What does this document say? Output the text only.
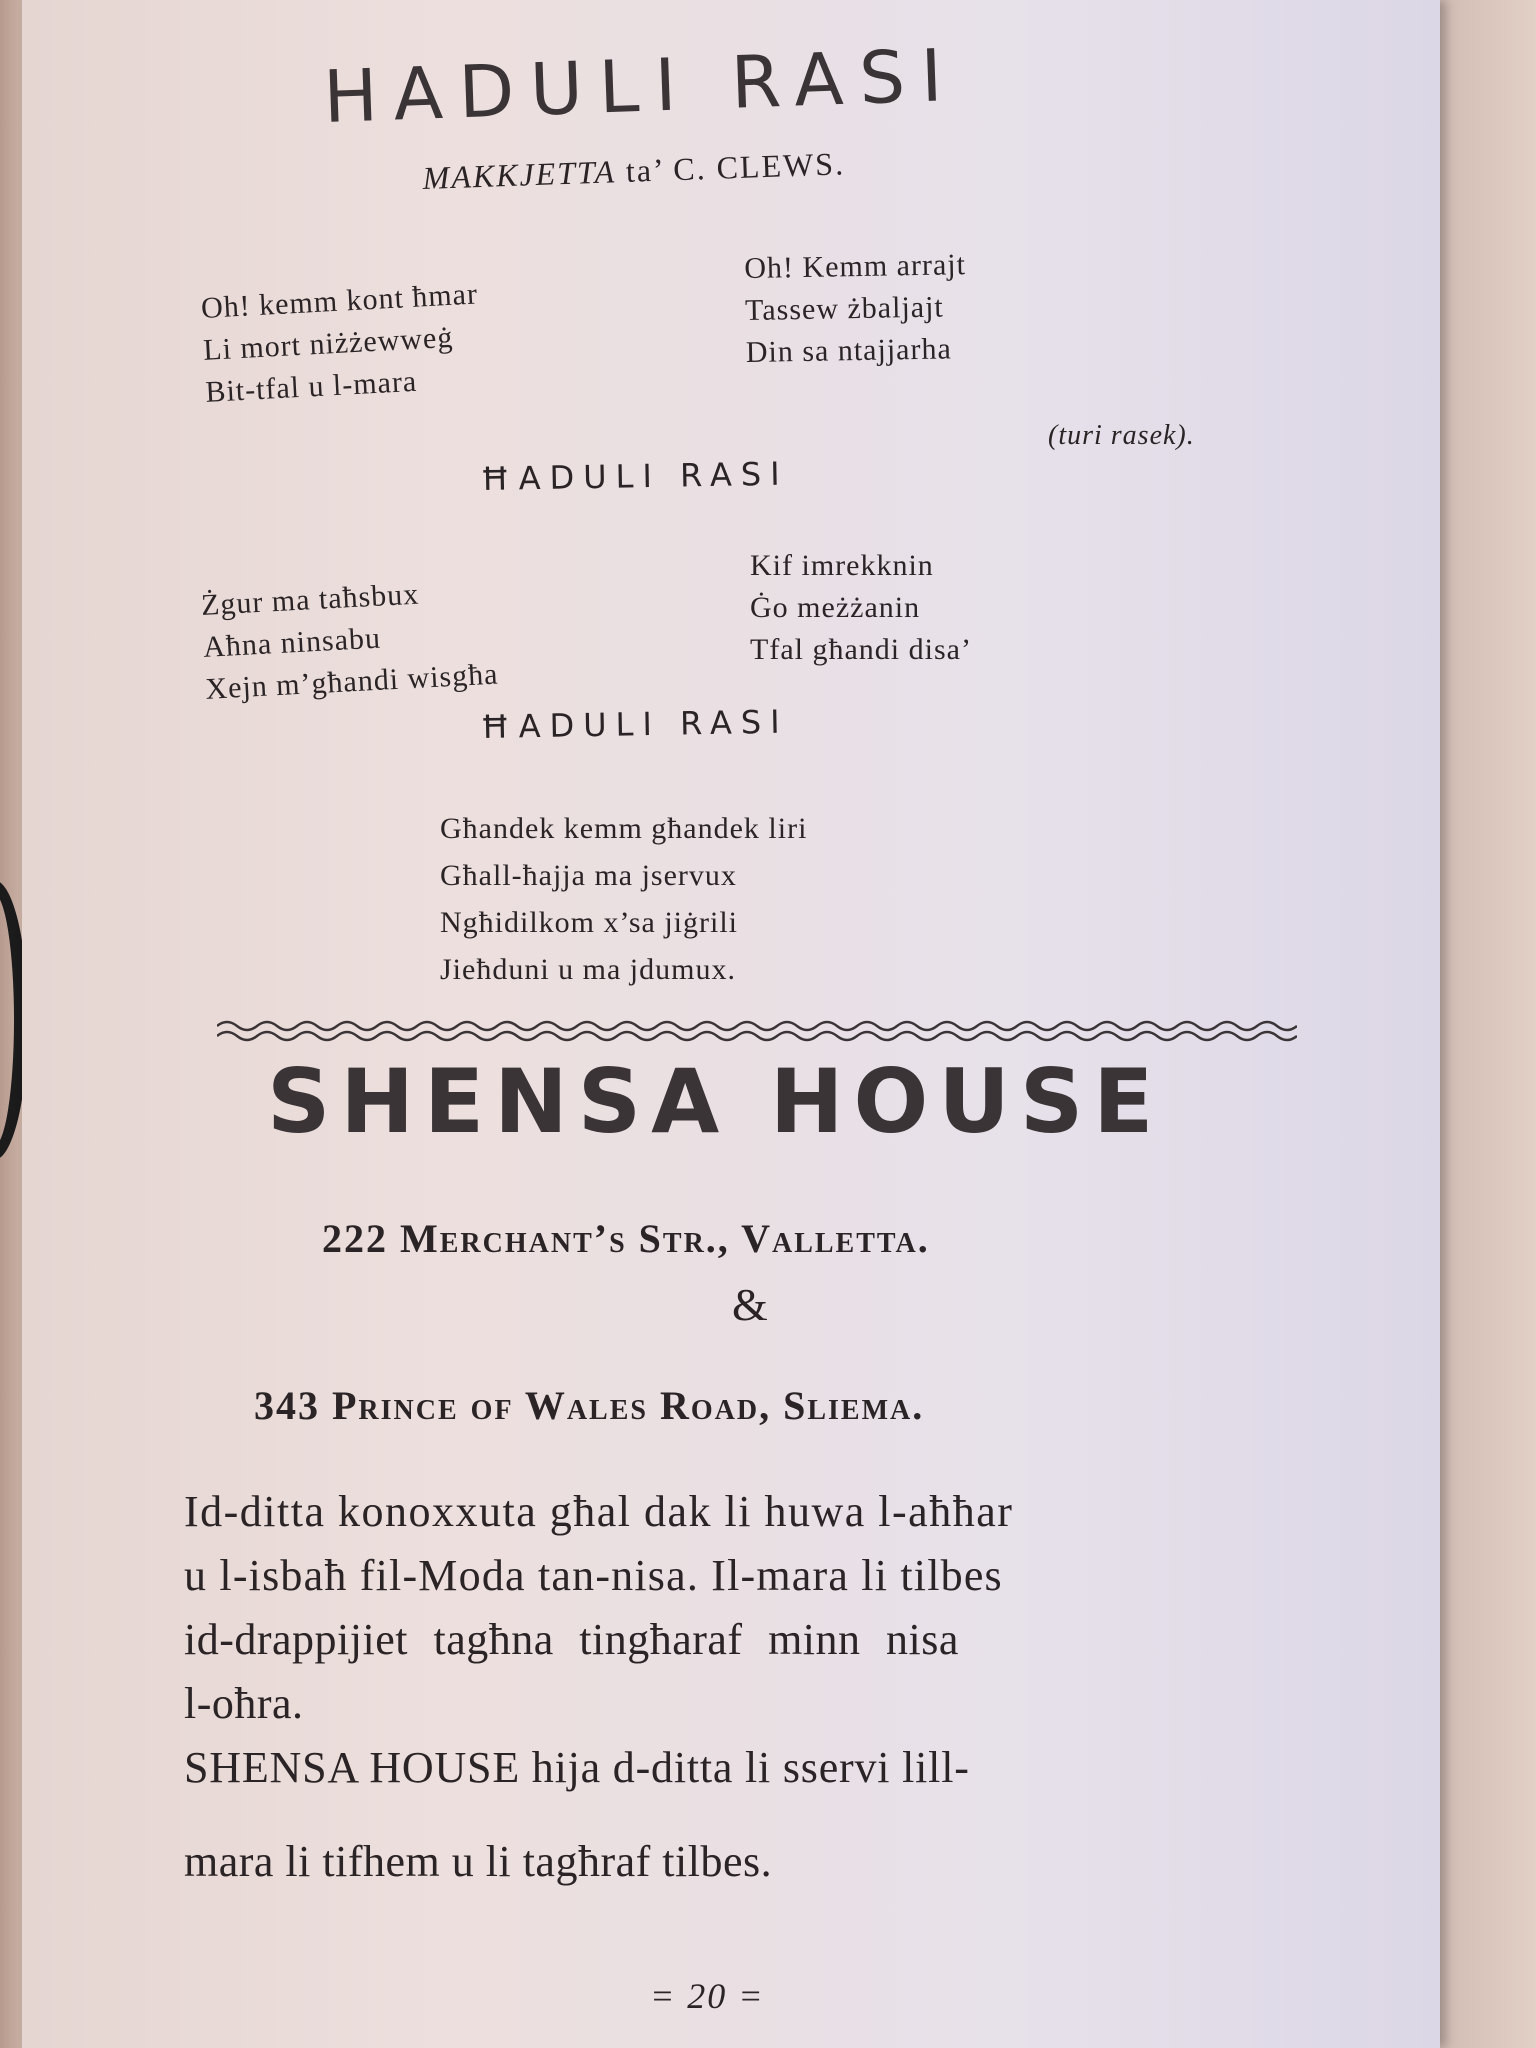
HADULI RASI
MAKKJETTA ta’ C. CLEWS.
Oh! kemm kont ħmar
Li mort niżżewweġ
Bit-tfal u l-mara
Oh! Kemm arrajt
Tassew żbaljajt
Din sa ntajjarha
(turi rasek).
ĦADULI RASI
Żgur ma taħsbux
Aħna ninsabu
Xejn m’għandi wisgħa
Kif imrekknin
Ġo meżżanin
Tfal għandi disa’
ĦADULI RASI
Għandek kemm għandek liri
Għall-ħajja ma jservux
Ngħidilkom x’sa jiġrili
Jieħduni u ma jdumux.
SHENSA HOUSE
222 Merchant’s Str., Valletta.
&
343 Prince of Wales Road, Sliema.
Id-ditta konoxxuta għal dak li huwa l-aħħar
u l-isbaħ fil-Moda tan-nisa. Il-mara li tilbes
id-drappijiet tagħna tingħaraf minn nisa
l-oħra.
SHENSA HOUSE hija d-ditta li sservi lill-
mara li tifhem u li tagħraf tilbes.
= 20 =
